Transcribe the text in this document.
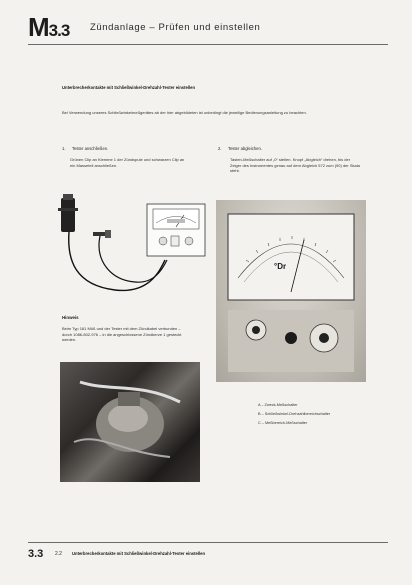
M3.3 Zündanlage – Prüfen und einstellen
Unterbrecherkontakte mit Schließwinkel-Drehzahl-Tester einstellen
Bei Verwendung unseres Schließwinkelmeßgerätes ab der hier abgebildeten ist unbedingt die jeweilige Bedienungsanleitung zu beachten.
1. Tester anschließen.
Grünen Clip an Klemme 1 der Zündspule und schwarzen Clip an ein Masseteil anschließen.
2. Tester abgleichen.
Tasten-Meßschalter auf „0“ stellen. Knopf „Abgleich“ drehen, bis der Zeiger des Instrumentes genau auf dem Abgleich 572 zum (90) der Skala steht.
°Dr
Hinweis
Beim Typ 181 Müß und der Tester mit dem Zündkabel verbunden – durch 1086-802-976 – in die angeschlossene Zündkerze 1 gesteckt werden.
A – Zweck-Meßschalter
B – Schließwinkel-Drehzahlbereichschalter
C – Meßbereich-Meßschalter
3.3 2.2 Unterbrecherkontakte mit Schließwinkel-Drehzahl-Tester einstellen
